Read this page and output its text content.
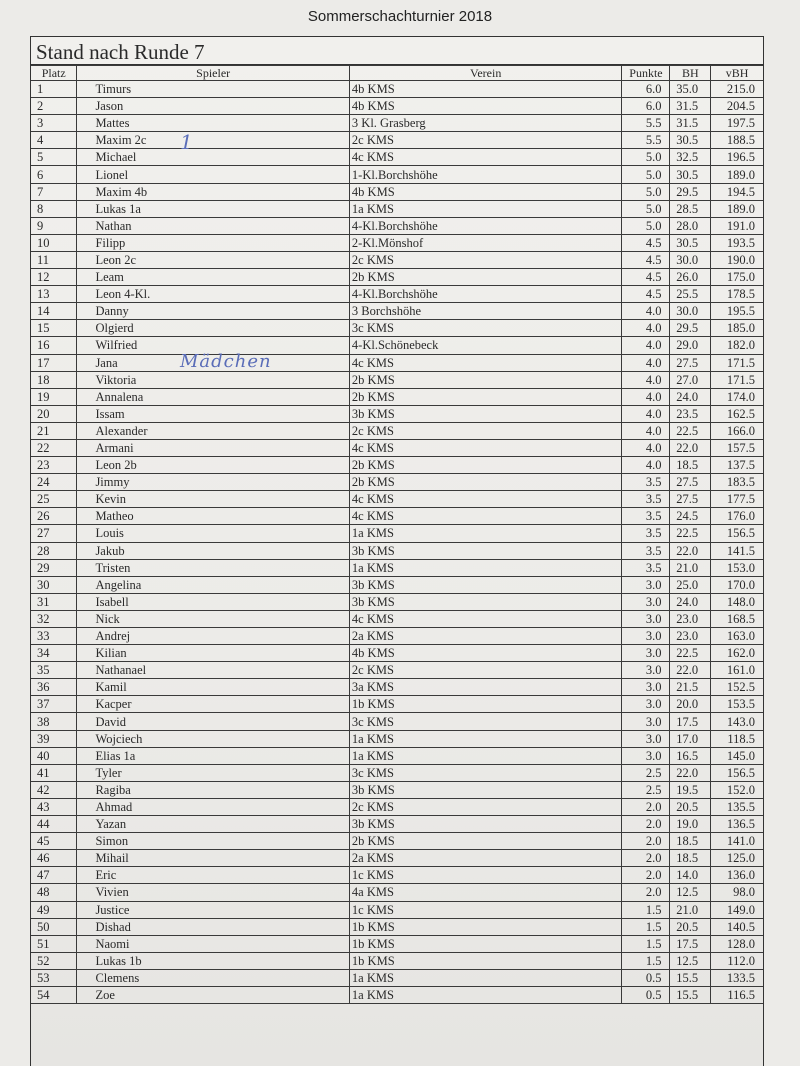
Sommerschachturnier 2018
Stand nach Runde 7
Platz	Spieler	Verein	Punkte	BH	vBH
1	Timurs	4b KMS	6.0	35.0	215.0
2	Jason	4b KMS	6.0	31.5	204.5
3	Mattes	3 Kl. Grasberg	5.5	31.5	197.5
4	Maxim 2c	2c KMS	5.5	30.5	188.5
5	Michael	4c KMS	5.0	32.5	196.5
6	Lionel	1-Kl.Borchshöhe	5.0	30.5	189.0
7	Maxim 4b	4b KMS	5.0	29.5	194.5
8	Lukas 1a	1a KMS	5.0	28.5	189.0
9	Nathan	4-Kl.Borchshöhe	5.0	28.0	191.0
10	Filipp	2-Kl.Mönshof	4.5	30.5	193.5
11	Leon 2c	2c KMS	4.5	30.0	190.0
12	Leam	2b KMS	4.5	26.0	175.0
13	Leon 4-Kl.	4-Kl.Borchshöhe	4.5	25.5	178.5
14	Danny	3 Borchshöhe	4.0	30.0	195.5
15	Olgierd	3c KMS	4.0	29.5	185.0
16	Wilfried	4-Kl.Schönebeck	4.0	29.0	182.0
17	Jana	4c KMS	4.0	27.5	171.5
18	Viktoria	2b KMS	4.0	27.0	171.5
19	Annalena	2b KMS	4.0	24.0	174.0
20	Issam	3b KMS	4.0	23.5	162.5
21	Alexander	2c KMS	4.0	22.5	166.0
22	Armani	4c KMS	4.0	22.0	157.5
23	Leon 2b	2b KMS	4.0	18.5	137.5
24	Jimmy	2b KMS	3.5	27.5	183.5
25	Kevin	4c KMS	3.5	27.5	177.5
26	Matheo	4c KMS	3.5	24.5	176.0
27	Louis	1a KMS	3.5	22.5	156.5
28	Jakub	3b KMS	3.5	22.0	141.5
29	Tristen	1a KMS	3.5	21.0	153.0
30	Angelina	3b KMS	3.0	25.0	170.0
31	Isabell	3b KMS	3.0	24.0	148.0
32	Nick	4c KMS	3.0	23.0	168.5
33	Andrej	2a KMS	3.0	23.0	163.0
34	Kilian	4b KMS	3.0	22.5	162.0
35	Nathanael	2c KMS	3.0	22.0	161.0
36	Kamil	3a KMS	3.0	21.5	152.5
37	Kacper	1b KMS	3.0	20.0	153.5
38	David	3c KMS	3.0	17.5	143.0
39	Wojciech	1a KMS	3.0	17.0	118.5
40	Elias 1a	1a KMS	3.0	16.5	145.0
41	Tyler	3c KMS	2.5	22.0	156.5
42	Ragiba	3b KMS	2.5	19.5	152.0
43	Ahmad	2c KMS	2.0	20.5	135.5
44	Yazan	3b KMS	2.0	19.0	136.5
45	Simon	2b KMS	2.0	18.5	141.0
46	Mihail	2a KMS	2.0	18.5	125.0
47	Eric	1c KMS	2.0	14.0	136.0
48	Vivien	4a KMS	2.0	12.5	98.0
49	Justice	1c KMS	1.5	21.0	149.0
50	Dishad	1b KMS	1.5	20.5	140.5
51	Naomi	1b KMS	1.5	17.5	128.0
52	Lukas 1b	1b KMS	1.5	12.5	112.0
53	Clemens	1a KMS	0.5	15.5	133.5
54	Zoe	1a KMS	0.5	15.5	116.5
1
Mädchen
